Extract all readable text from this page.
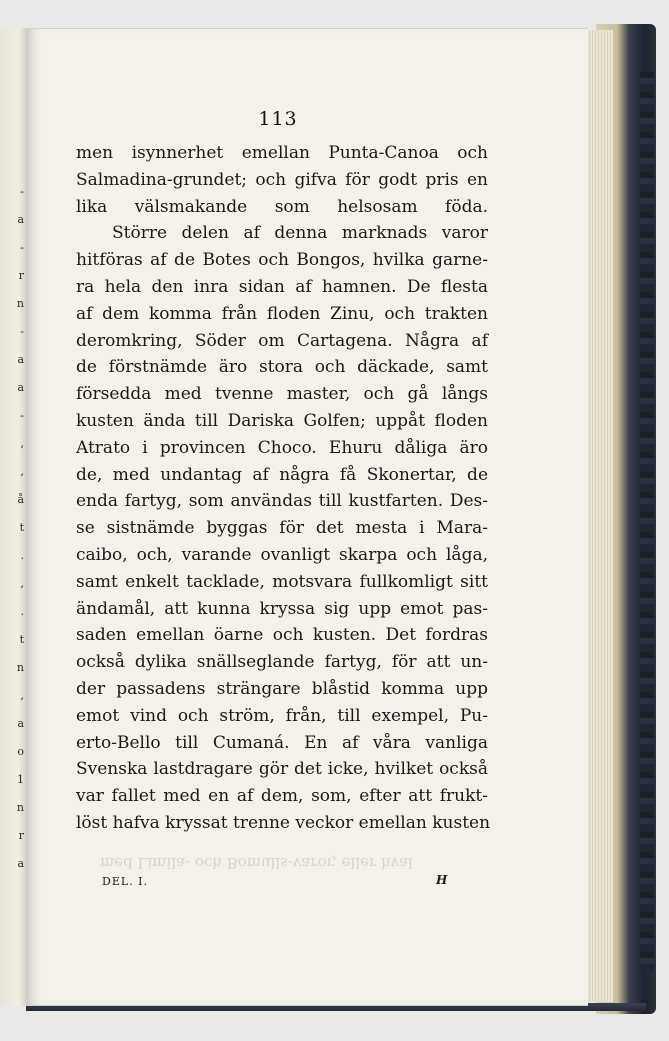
-
a
-
r
n
-
a
a
-
,
,
å
t
.
,
.
t
n
,
a
o
1
n
r
a
113
men isynnerhet emellan Punta-Canoa och
Salmadina-grundet; och gifva för godt pris en
lika välsmakande som helsosam föda.
Större delen af denna marknads varor
hitföras af de Botes och Bongos, hvilka garne-
ra hela den inra sidan af hamnen. De flesta
af dem komma från floden Zinu, och trakten
deromkring, Söder om Cartagena. Några af
de förstnämde äro stora och däckade, samt
försedda med tvenne master, och gå långs
kusten ända till Dariska Golfen; uppåt floden
Atrato i provincen Choco. Ehuru dåliga äro
de, med undantag af några få Skonertar, de
enda fartyg, som användas till kustfarten. Des-
se sistnämde byggas för det mesta i Mara-
caibo, och, varande ovanligt skarpa och låga,
samt enkelt tacklade, motsvara fullkomligt sitt
ändamål, att kunna kryssa sig upp emot pas-
saden emellan öarne och kusten. Det fordras
också dylika snällseglande fartyg, för att un-
der passadens strängare blåstid komma upp
emot vind och ström, från, till exempel, Pu-
erto-Bello till Cumaná. En af våra vanliga
Svenska lastdragare gör det icke, hvilket också
var fallet med en af dem, som, efter att frukt-
löst hafva kryssat trenne veckor emellan kusten
med Limila- och Bomulls-varor, eller hval
DEL. I.	H
